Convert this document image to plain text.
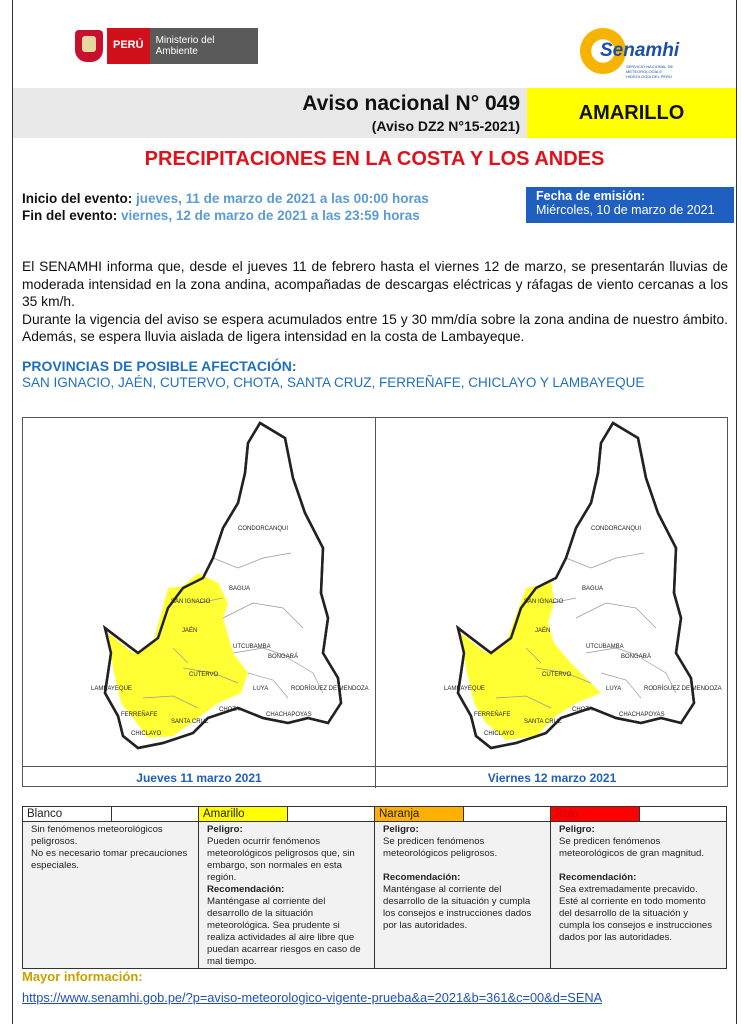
PERÚ	Ministerio del Ambiente	Senamhi
SERVICIO NACIONAL DE METEOROLOGÍA E HIDROLOGÍA DEL PERÚ
Aviso nacional N° 049
(Aviso DZ2 N°15-2021)
AMARILLO
PRECIPITACIONES EN LA COSTA Y LOS ANDES
Inicio del evento: jueves, 11 de marzo de 2021 a las 00:00 horas
Fin del evento: viernes, 12 de marzo de 2021 a las 23:59 horas
Fecha de emisión:
Miércoles, 10 de marzo de 2021

El SENAMHI informa que, desde el jueves 11 de febrero hasta el viernes 12 de marzo, se presentarán lluvias de moderada intensidad en la zona andina, acompañadas de descargas eléctricas y ráfagas de viento cercanas a los 35 km/h.

Durante la vigencia del aviso se espera acumulados entre 15 y 30 mm/día sobre la zona andina de nuestro ámbito. Además, se espera lluvia aislada de ligera intensidad en la costa de Lambayeque.

PROVINCIAS DE POSIBLE AFECTACIÓN:
SAN IGNACIO, JAÉN, CUTERVO, CHOTA, SANTA CRUZ, FERREÑAFE, CHICLAYO Y LAMBAYEQUE
CONDORCANQUI
BAGUA
SAN IGNACIO
JAÉN
UTCUBAMBA
BONGARÁ
LAMBAYEQUE
CUTERVO
LUYA	RODRÍGUEZ DE MENDOZA
FERREÑAFE
CHOTA
SANTA CRUZ
CHACHAPOYAS
CHICLAYO
CONDORCANQUI
BAGUA
SAN IGNACIO
JAÉN
UTCUBAMBA
BONGARÁ
LAMBAYEQUE
CUTERVO
LUYA	RODRÍGUEZ DE MENDOZA
FERREÑAFE
CHOTA
SANTA CRUZ
CHACHAPOYAS
CHICLAYO
Jueves 11 marzo 2021	Viernes 12 marzo 2021
Blanco
Sin fenómenos meteorológicos peligrosos.
No es necesario tomar precauciones especiales.
Amarillo
Peligro:
Pueden ocurrir fenómenos meteorológicos peligrosos que, sin embargo, son normales en esta región.
Recomendación:
Manténgase al corriente del desarrollo de la situación meteorológica. Sea prudente si realiza actividades al aire libre que puedan acarrear riesgos en caso de mal tiempo.
Naranja
Peligro:
Se predicen fenómenos meteorológicos peligrosos.
Recomendación:
Manténgase al corriente del desarrollo de la situación y cumpla los consejos e instrucciones dados por las autoridades.
Rojo
Peligro:
Se predicen fenómenos meteorológicos de gran magnitud.
Recomendación:
Sea extremadamente precavido. Esté al corriente en todo momento del desarrollo de la situación y cumpla los consejos e instrucciones dados por las autoridades.
Mayor información:
https://www.senamhi.gob.pe/?p=aviso-meteorologico-vigente-prueba&a=2021&b=361&c=00&d=SENA
